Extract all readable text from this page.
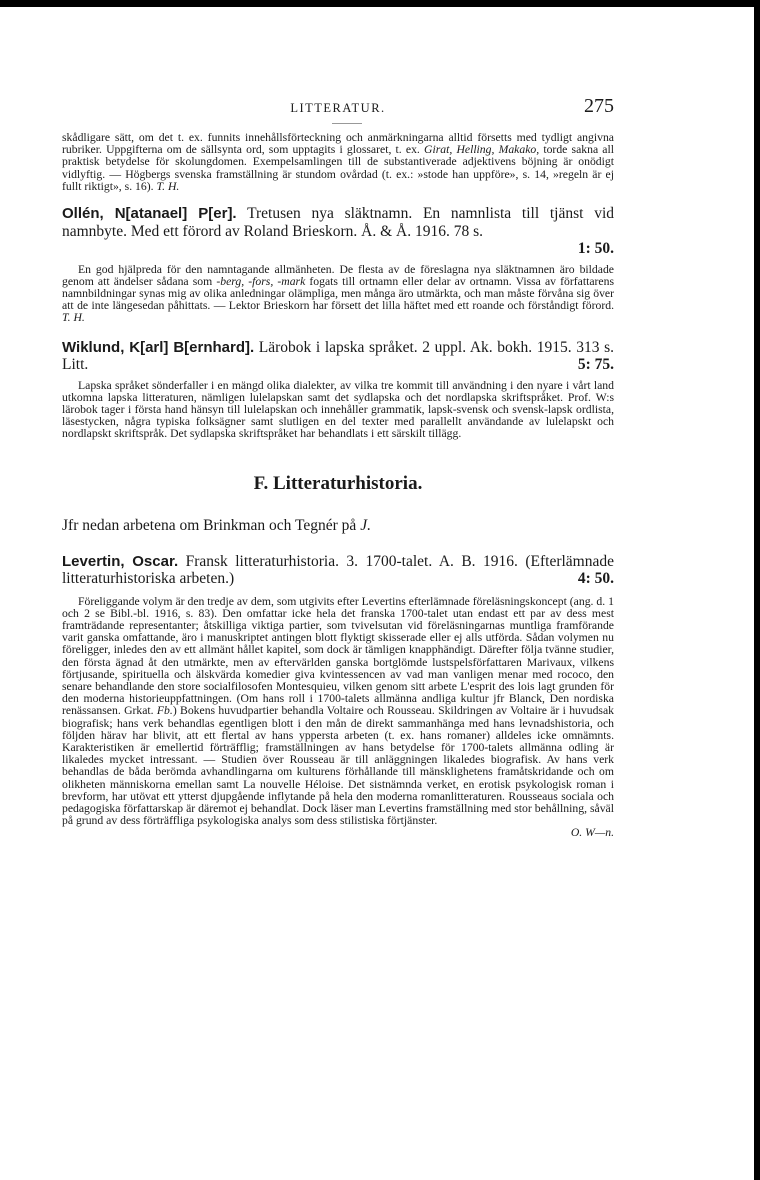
LITTERATUR.	275

skådligare sätt, om det t. ex. funnits innehållsförteckning och anmärkningarna alltid försetts med tydligt angivna rubriker. Uppgifterna om de sällsynta ord, som upptagits i glossaret, t. ex. Girat, Helling, Makako, torde sakna all praktisk betydelse för skolungdomen. Exempelsamlingen till de substantiverade adjektivens böjning är onödigt vidlyftig. — Högbergs svenska framställning är stundom ovårdad (t. ex.: »stode han uppföre», s. 14, »regeln är ej fullt riktigt», s. 16). T. H.

Ollén, N[atanael] P[er]. Tretusen nya släktnamn. En namnlista till tjänst vid namnbyte. Med ett förord av Roland Brieskorn. Å. & Å. 1916. 78 s.
1: 50.

En god hjälpreda för den namntagande allmänheten. De flesta av de föreslagna nya släktnamnen äro bildade genom att ändelser sådana som -berg, -fors, -mark fogats till ortnamn eller delar av ortnamn. Vissa av författarens namnbildningar synas mig av olika anledningar olämpliga, men många äro utmärkta, och man måste förvåna sig över att de inte längesedan påhittats. — Lektor Brieskorn har försett det lilla häftet med ett roande och förståndigt förord. T. H.

Wiklund, K[arl] B[ernhard]. Lärobok i lapska språket. 2 uppl. Ak. bokh. 1915. 313 s. Litt.	5: 75.

Lapska språket sönderfaller i en mängd olika dialekter, av vilka tre kommit till användning i den nyare i vårt land utkomna lapska litteraturen, nämligen lulelapskan samt det sydlapska och det nordlapska skriftspråket. Prof. W:s lärobok tager i första hand hänsyn till lulelapskan och innehåller grammatik, lapsk-svensk och svensk-lapsk ordlista, läsestycken, några typiska folksägner samt slutligen en del texter med parallellt användande av lulelapskt och nordlapskt skriftspråk. Det sydlapska skriftspråket har behandlats i ett särskilt tillägg.

F. Litteraturhistoria.

Jfr nedan arbetena om Brinkman och Tegnér på J.

Levertin, Oscar. Fransk litteraturhistoria. 3. 1700-talet. A. B. 1916. (Efterlämnade litteraturhistoriska arbeten.)	4: 50.

Föreliggande volym är den tredje av dem, som utgivits efter Levertins efterlämnade föreläsningskoncept (ang. d. 1 och 2 se Bibl.-bl. 1916, s. 83). Den omfattar icke hela det franska 1700-talet utan endast ett par av dess mest framträdande representanter; åtskilliga viktiga partier, som tvivelsutan vid föreläsningarnas muntliga framförande varit ganska omfattande, äro i manuskriptet antingen blott flyktigt skisserade eller ej alls utförda. Sådan volymen nu föreligger, inledes den av ett allmänt hållet kapitel, som dock är tämligen knapphändigt. Därefter följa tvänne studier, den första ägnad åt den utmärkte, men av eftervärlden ganska bortglömde lustspelsförfattaren Marivaux, vilkens förtjusande, spirituella och älskvärda komedier giva kvintessencen av vad man vanligen menar med rococo, den senare behandlande den store socialfilosofen Montesquieu, vilken genom sitt arbete L'esprit des lois lagt grunden för den moderna historieuppfattningen. (Om hans roll i 1700-talets allmänna andliga kultur jfr Blanck, Den nordiska renässansen. Grkat. Fb.) Bokens huvudpartier behandla Voltaire och Rousseau. Skildringen av Voltaire är i huvudsak biografisk; hans verk behandlas egentligen blott i den mån de direkt sammanhänga med hans levnadshistoria, och följden härav har blivit, att ett flertal av hans yppersta arbeten (t. ex. hans romaner) alldeles icke omnämnts. Karakteristiken är emellertid förträfflig; framställningen av hans betydelse för 1700-talets allmänna odling är likaledes mycket intressant. — Studien över Rousseau är till anläggningen likaledes biografisk. Av hans verk behandlas de båda berömda avhandlingarna om kulturens förhållande till mänsklighetens framåtskridande och om olikheten människorna emellan samt La nouvelle Héloise. Det sistnämnda verket, en erotisk psykologisk roman i brevform, har utövat ett ytterst djupgående inflytande på hela den moderna romanlitteraturen. Rousseaus sociala och pedagogiska författarskap är däremot ej behandlat. Dock läser man Levertins framställning med stor behållning, såväl på grund av dess förträffliga psykologiska analys som dess stilistiska förtjänster.
O. W—n.
